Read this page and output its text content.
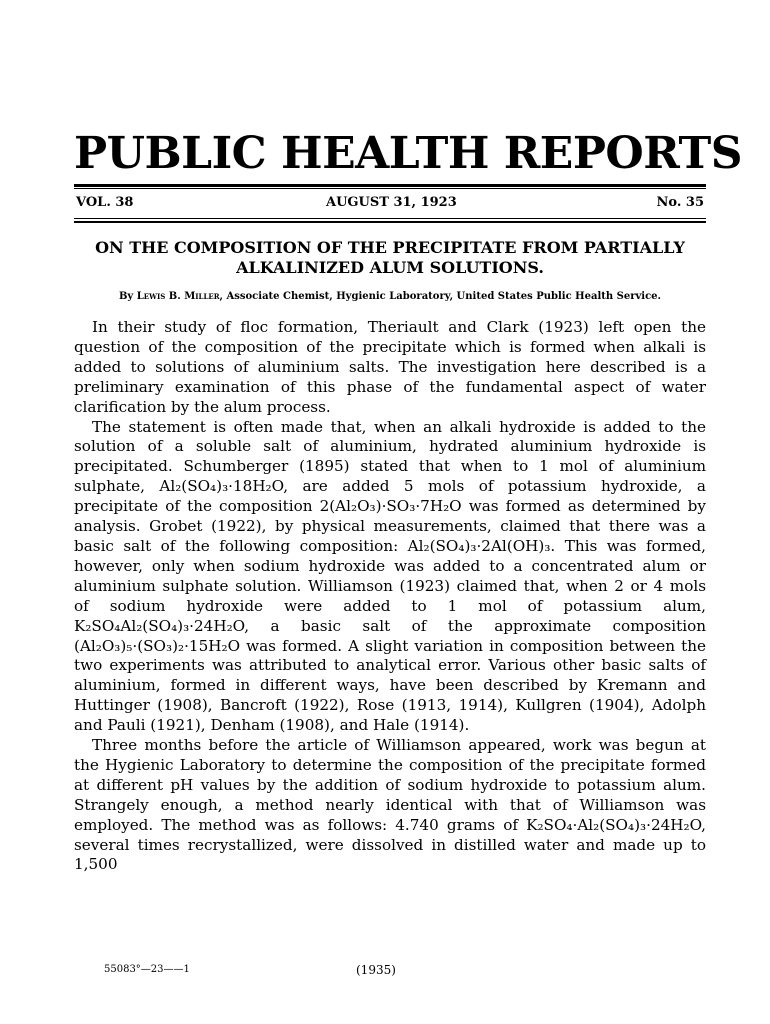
PUBLIC HEALTH REPORTS
VOL. 38	AUGUST 31, 1923	No. 35
ON THE COMPOSITION OF THE PRECIPITATE FROM PARTIALLY ALKALINIZED ALUM SOLUTIONS.
By Lewis B. Miller, Associate Chemist, Hygienic Laboratory, United States Public Health Service.

In their study of floc formation, Theriault and Clark (1923) left open the question of the composition of the precipitate which is formed when alkali is added to solutions of aluminium salts. The investigation here described is a preliminary examination of this phase of the fundamental aspect of water clarification by the alum process.

The statement is often made that, when an alkali hydroxide is added to the solution of a soluble salt of aluminium, hydrated aluminium hydroxide is precipitated. Schumberger (1895) stated that when to 1 mol of aluminium sulphate, Al₂(SO₄)₃·18H₂O, are added 5 mols of potassium hydroxide, a precipitate of the composition 2(Al₂O₃)·SO₃·7H₂O was formed as determined by analysis. Grobet (1922), by physical measurements, claimed that there was a basic salt of the following composition: Al₂(SO₄)₃·2Al(OH)₃. This was formed, however, only when sodium hydroxide was added to a concentrated alum or aluminium sulphate solution. Williamson (1923) claimed that, when 2 or 4 mols of sodium hydroxide were added to 1 mol of potassium alum, K₂SO₄Al₂(SO₄)₃·24H₂O, a basic salt of the approximate composition (Al₂O₃)₅·(SO₃)₂·15H₂O was formed. A slight variation in composition between the two experiments was attributed to analytical error. Various other basic salts of aluminium, formed in different ways, have been described by Kremann and Huttinger (1908), Bancroft (1922), Rose (1913, 1914), Kullgren (1904), Adolph and Pauli (1921), Denham (1908), and Hale (1914).

Three months before the article of Williamson appeared, work was begun at the Hygienic Laboratory to determine the composition of the precipitate formed at different pH values by the addition of sodium hydroxide to potassium alum. Strangely enough, a method nearly identical with that of Williamson was employed. The method was as follows: 4.740 grams of K₂SO₄·Al₂(SO₄)₃·24H₂O, several times recrystallized, were dissolved in distilled water and made up to 1,500

55083°—23——1	(1935)
